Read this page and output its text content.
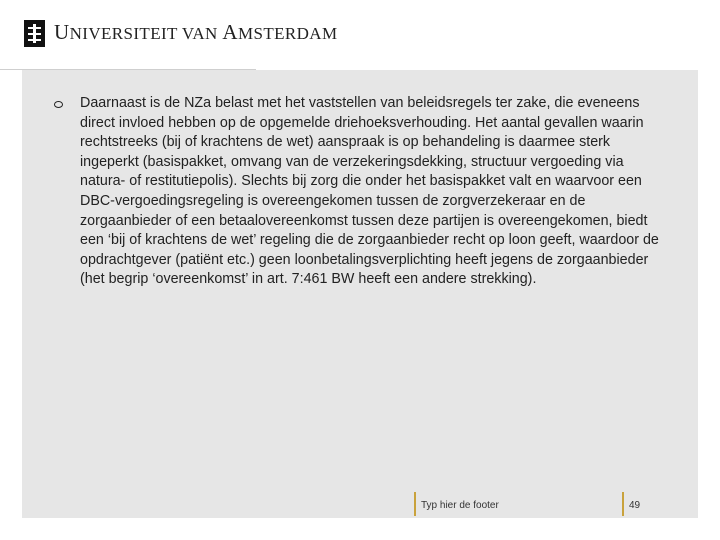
UNIVERSITEIT VAN AMSTERDAM

Daarnaast is de NZa belast met het vaststellen van beleidsregels ter zake, die eveneens direct invloed hebben op de opgemelde driehoeksverhouding. Het aantal gevallen waarin rechtstreeks (bij of krachtens de wet) aanspraak is op behandeling is daarmee sterk ingeperkt (basispakket, omvang van de verzekeringsdekking, structuur vergoeding via natura- of restitutiepolis). Slechts bij zorg die onder het basispakket valt en waarvoor een DBC-vergoedingsregeling is overeengekomen tussen de zorgverzekeraar en de zorgaanbieder of een betaalovereenkomst tussen deze partijen is overeengekomen, biedt een ‘bij of krachtens de wet’ regeling die de zorgaanbieder recht op loon geeft, waardoor de opdrachtgever (patiënt etc.) geen loonbetalingsverplichting heeft jegens de zorgaanbieder (het begrip ‘overeenkomst’ in art. 7:461 BW heeft een andere strekking).

Typ hier de footer	49
